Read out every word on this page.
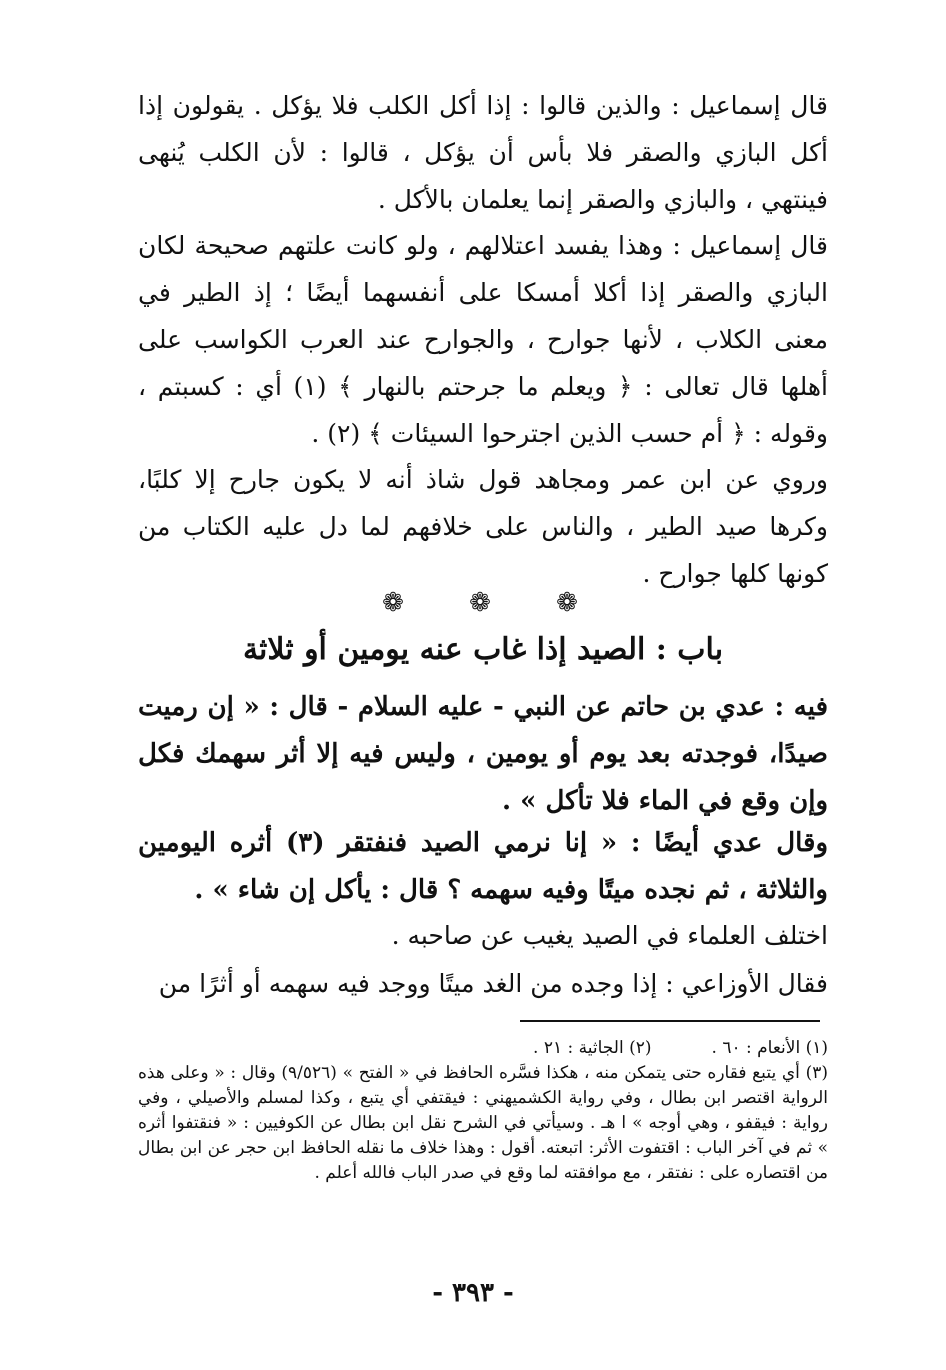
قال إسماعيل : والذين قالوا : إذا أكل الكلب فلا يؤكل . يقولون إذا أكل البازي والصقر فلا بأس أن يؤكل ، قالوا : لأن الكلب يُنهى فينتهي ، والبازي والصقر إنما يعلمان بالأكل .

قال إسماعيل : وهذا يفسد اعتلالهم ، ولو كانت علتهم صحيحة لكان البازي والصقر إذا أكلا أمسكا على أنفسهما أيضًا ؛ إذ الطير في معنى الكلاب ، لأنها جوارح ، والجوارح عند العرب الكواسب على أهلها قال تعالى : ﴿ ويعلم ما جرحتم بالنهار ﴾ (١) أي : كسبتم ، وقوله : ﴿ أم حسب الذين اجترحوا السيئات ﴾ (٢) .

وروي عن ابن عمر ومجاهد قول شاذ أنه لا يكون جارح إلا كلبًا، وكرها صيد الطير ، والناس على خلافهم لما دل عليه الكتاب من كونها كلها جوارح .

❁	❁	❁
باب : الصيد إذا غاب عنه يومين أو ثلاثة

فيه : عدي بن حاتم عن النبي - عليه السلام - قال : « إن رميت صيدًا، فوجدته بعد يوم أو يومين ، وليس فيه إلا أثر سهمك فكل وإن وقع في الماء فلا تأكل » .

وقال عدي أيضًا : « إنا نرمي الصيد فنفتقر (٣) أثره اليومين والثلاثة ، ثم نجده ميتًا وفيه سهمه ؟ قال : يأكل إن شاء » .

اختلف العلماء في الصيد يغيب عن صاحبه .

فقال الأوزاعي : إذا وجده من الغد ميتًا ووجد فيه سهمه أو أثرًا من

(١) الأنعام : ٦٠ .
(٢) الجاثية : ٢١ .
(٣) أي يتبع فقاره حتى يتمكن منه ، هكذا فسَّره الحافظ في « الفتح » (٩/٥٢٦) وقال : « وعلى هذه الرواية اقتصر ابن بطال ، وفي رواية الكشميهني : فيقتفي أي يتبع ، وكذا لمسلم والأصيلي ، وفي رواية : فيقفو ، وهي أوجه » ا هـ . وسيأتي في الشرح نقل ابن بطال عن الكوفيين : « فنقتفوا أثره » ثم في آخر الباب : اقتفوت الأثر: اتبعته. أقول : وهذا خلاف ما نقله الحافظ ابن حجر عن ابن بطال من اقتصاره على : نفتقر ، مع موافقته لما وقع في صدر الباب فالله أعلم .
- ٣٩٣ -
